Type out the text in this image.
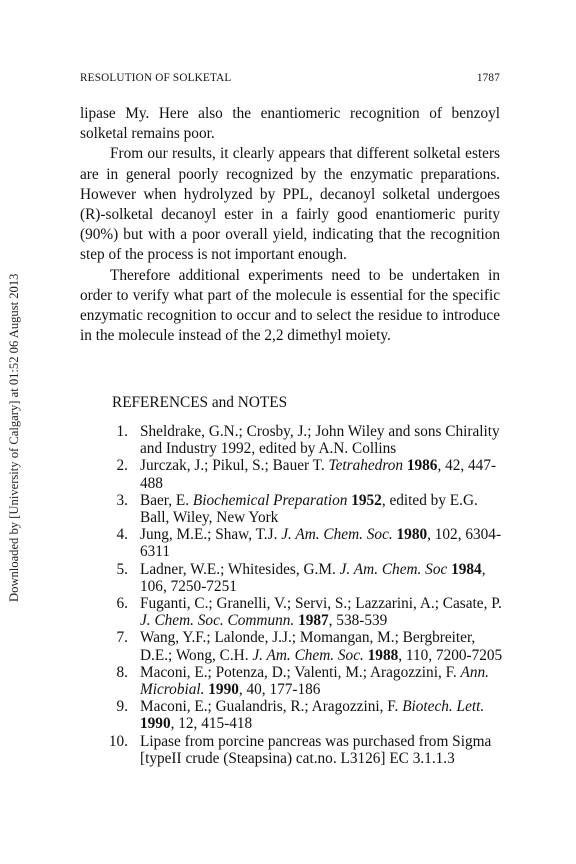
Downloaded by [University of Calgary] at 01:52 06 August 2013
RESOLUTION OF SOLKETAL	1787

lipase My. Here also the enantiomeric recognition of benzoyl solketal remains poor.

From our results, it clearly appears that different solketal esters are in general poorly recognized by the enzymatic preparations. However when hydrolyzed by PPL, decanoyl solketal undergoes (R)-solketal decanoyl ester in a fairly good enantiomeric purity (90%) but with a poor overall yield, indicating that the recognition step of the process is not important enough.

Therefore additional experiments need to be undertaken in order to verify what part of the molecule is essential for the specific enzymatic recognition to occur and to select the residue to introduce in the molecule instead of the 2,2 dimethyl moiety.

REFERENCES and NOTES
1. Sheldrake, G.N.; Crosby, J.; John Wiley and sons Chirality and Industry 1992, edited by A.N. Collins
2. Jurczak, J.; Pikul, S.; Bauer T. Tetrahedron 1986, 42, 447-488
3. Baer, E. Biochemical Preparation 1952, edited by E.G. Ball, Wiley, New York
4. Jung, M.E.; Shaw, T.J. J. Am. Chem. Soc. 1980, 102, 6304-6311
5. Ladner, W.E.; Whitesides, G.M. J. Am. Chem. Soc 1984, 106, 7250-7251
6. Fuganti, C.; Granelli, V.; Servi, S.; Lazzarini, A.; Casate, P. J. Chem. Soc. Communn. 1987, 538-539
7. Wang, Y.F.; Lalonde, J.J.; Momangan, M.; Bergbreiter, D.E.; Wong, C.H. J. Am. Chem. Soc. 1988, 110, 7200-7205
8. Maconi, E.; Potenza, D.; Valenti, M.; Aragozzini, F. Ann. Microbial. 1990, 40, 177-186
9. Maconi, E.; Gualandris, R.; Aragozzini, F. Biotech. Lett. 1990, 12, 415-418
10. Lipase from porcine pancreas was purchased from Sigma [typeII crude (Steapsina) cat.no. L3126] EC 3.1.1.3
